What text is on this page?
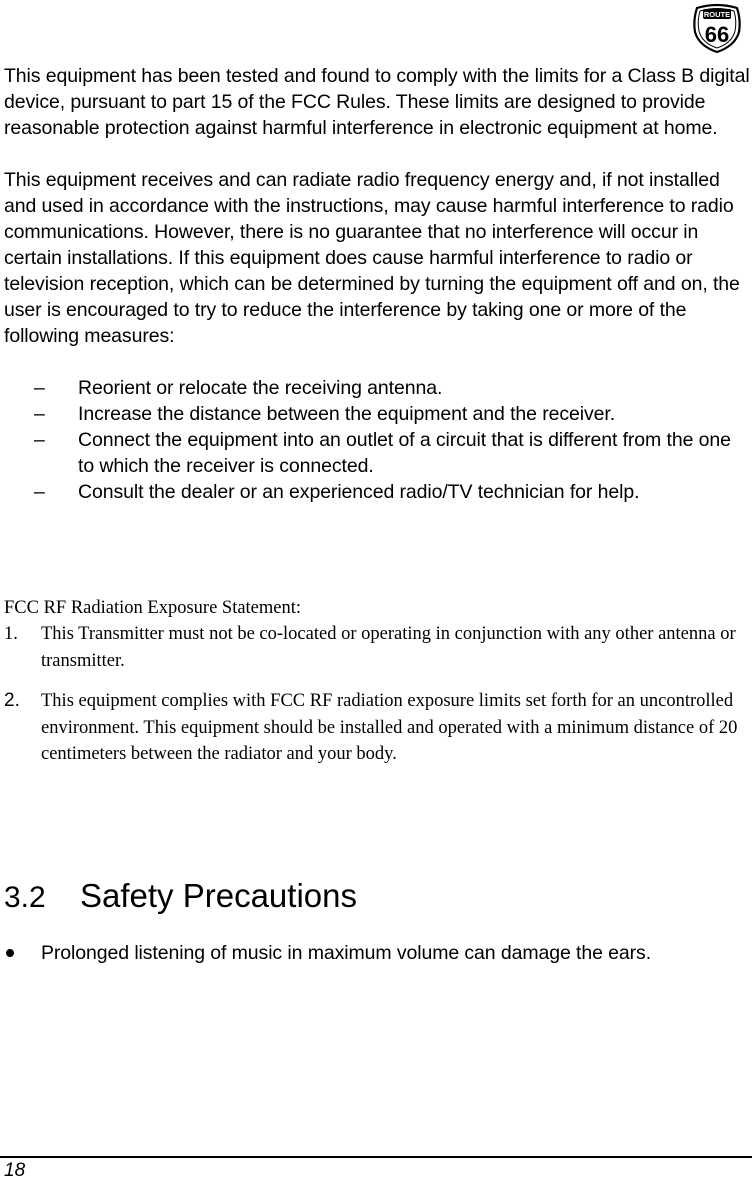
ROUTE
66

This equipment has been tested and found to comply with the limits for a Class B digital device, pursuant to part 15 of the FCC Rules. These limits are designed to provide reasonable protection against harmful interference in electronic equipment at home.

This equipment receives and can radiate radio frequency energy and, if not installed and used in accordance with the instructions, may cause harmful interference to radio communications. However, there is no guarantee that no interference will occur in certain installations. If this equipment does cause harmful interference to radio or television reception, which can be determined by turning the equipment off and on, the user is encouraged to try to reduce the interference by taking one or more of the following measures:

– Reorient or relocate the receiving antenna.
– Increase the distance between the equipment and the receiver.
– Connect the equipment into an outlet of a circuit that is different from the one to which the receiver is connected.
– Consult the dealer or an experienced radio/TV technician for help.

FCC RF Radiation Exposure Statement:

1. This Transmitter must not be co-located or operating in conjunction with any other antenna or transmitter.
2. This equipment complies with FCC RF radiation exposure limits set forth for an uncontrolled environment. This equipment should be installed and operated with a minimum distance of 20 centimeters between the radiator and your body.
3.2 Safety Precautions
Prolonged listening of music in maximum volume can damage the ears.
18
